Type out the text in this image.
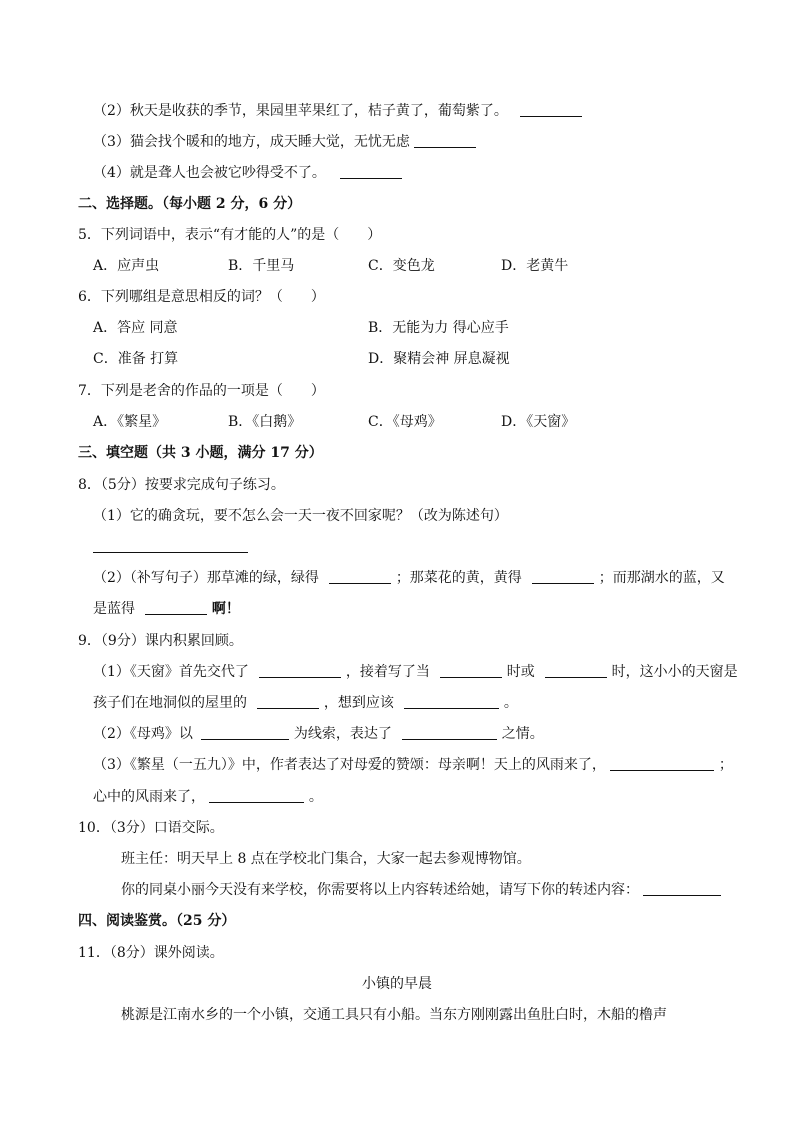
（2）秋天是收获的季节，果园里苹果红了，桔子黄了，葡萄紫了。
（3）猫会找个暖和的地方，成天睡大觉，无忧无虑
（4）就是聋人也会被它吵得受不了。
二、选择题。（每小题 2 分，6 分）
5．下列词语中，表示“有才能的人”的是（　　）
A．应声虫	B．千里马	C．变色龙	D．老黄牛
6．下列哪组是意思相反的词？（　　）
A．答应 同意	B．无能为力 得心应手
C．准备 打算	D．聚精会神 屏息凝视
7．下列是老舍的作品的一项是（　　）
A．《繁星》	B．《白鹅》	C．《母鸡》	D．《天窗》
三、填空题（共 3 小题，满分 17 分）
8．（5分）按要求完成句子练习。
（1）它的确贪玩，要不怎么会一天一夜不回家呢？（改为陈述句）
（2）（补写句子）那草滩的绿，绿得	；那菜花的黄，黄得	；而那湖水的蓝，又
是蓝得	啊！
9．（9分）课内积累回顾。
（1）《天窗》首先交代了	，接着写了当	时或	时，这小小的天窗是
孩子们在地洞似的屋里的	，想到应该	。
（2）《母鸡》以	为线索，表达了	之情。
（3）《繁星（一五九）》中，作者表达了对母爱的赞颂：母亲啊！天上的风雨来了，	；
心中的风雨来了，	。
10．（3分）口语交际。
班主任：明天早上 8 点在学校北门集合，大家一起去参观博物馆。
你的同桌小丽今天没有来学校，你需要将以上内容转述给她，请写下你的转述内容：
四、阅读鉴赏。（25 分）
11．（8分）课外阅读。
小镇的早晨
桃源是江南水乡的一个小镇，交通工具只有小船。当东方刚刚露出鱼肚白时，木船的橹声
